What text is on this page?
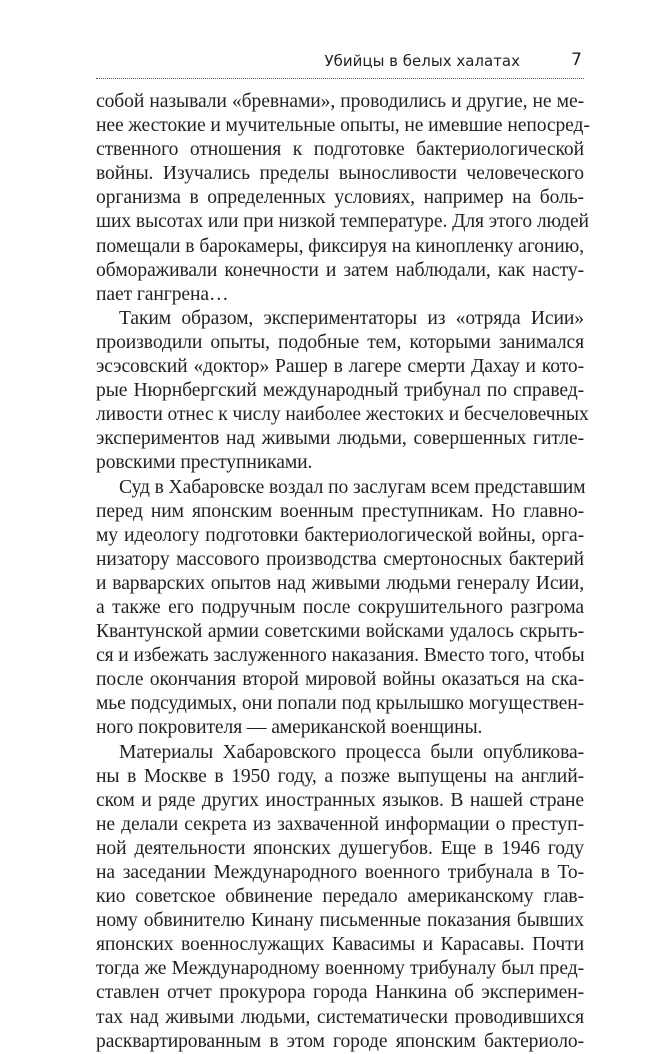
Убийцы в белых халатах	7
собой называли «бревнами», проводились и другие, не ме-
нее жестокие и мучительные опыты, не имевшие непосред-
ственного отношения к подготовке бактериологической
войны. Изучались пределы выносливости человеческого
организма в определенных условиях, например на боль-
ших высотах или при низкой температуре. Для этого людей
помещали в барокамеры, фиксируя на кинопленку агонию,
обмораживали конечности и затем наблюдали, как насту-
пает гангрена…
Таким образом, экспериментаторы из «отряда Исии»
производили опыты, подобные тем, которыми занимался
эсэсовский «доктор» Рашер в лагере смерти Дахау и кото-
рые Нюрнбергский международный трибунал по справед-
ливости отнес к числу наиболее жестоких и бесчеловечных
экспериментов над живыми людьми, совершенных гитле-
ровскими преступниками.
Суд в Хабаровске воздал по заслугам всем представшим
перед ним японским военным преступникам. Но главно-
му идеологу подготовки бактериологической войны, орга-
низатору массового производства смертоносных бактерий
и варварских опытов над живыми людьми генералу Исии,
а также его подручным после сокрушительного разгрома
Квантунской армии советскими войсками удалось скрыть-
ся и избежать заслуженного наказания. Вместо того, чтобы
после окончания второй мировой войны оказаться на ска-
мье подсудимых, они попали под крылышко могуществен-
ного покровителя — американской военщины.
Материалы Хабаровского процесса были опубликова-
ны в Москве в 1950 году, а позже выпущены на англий-
ском и ряде других иностранных языков. В нашей стране
не делали секрета из захваченной информации о преступ-
ной деятельности японских душегубов. Еще в 1946 году
на заседании Международного военного трибунала в То-
кио советское обвинение передало американскому глав-
ному обвинителю Кинану письменные показания бывших
японских военнослужащих Кавасимы и Карасавы. Почти
тогда же Международному военному трибуналу был пред-
ставлен отчет прокурора города Нанкина об эксперимен-
тах над живыми людьми, систематически проводившихся
расквартированным в этом городе японским бактериоло-
